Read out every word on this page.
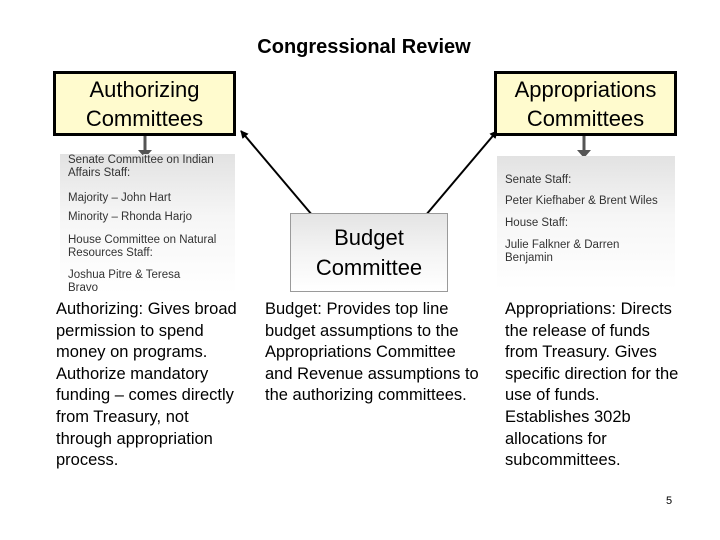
Congressional Review
Authorizing Committees
Appropriations Committees
Senate Committee on Indian Affairs Staff:
Majority – John Hart
Minority – Rhonda Harjo
House Committee on Natural Resources Staff:
Joshua Pitre & Teresa Bravo
Senate Staff:
Peter Kiefhaber & Brent Wiles
House Staff:
Julie Falkner & Darren Benjamin
Budget Committee
Authorizing: Gives broad permission to spend money on programs. Authorize mandatory funding – comes directly from Treasury, not through appropriation process.
Budget: Provides top line budget assumptions to the Appropriations Committee and Revenue assumptions to the authorizing committees.
Appropriations: Directs the release of funds from Treasury. Gives specific direction for the use of funds. Establishes 302b allocations for subcommittees.
5
